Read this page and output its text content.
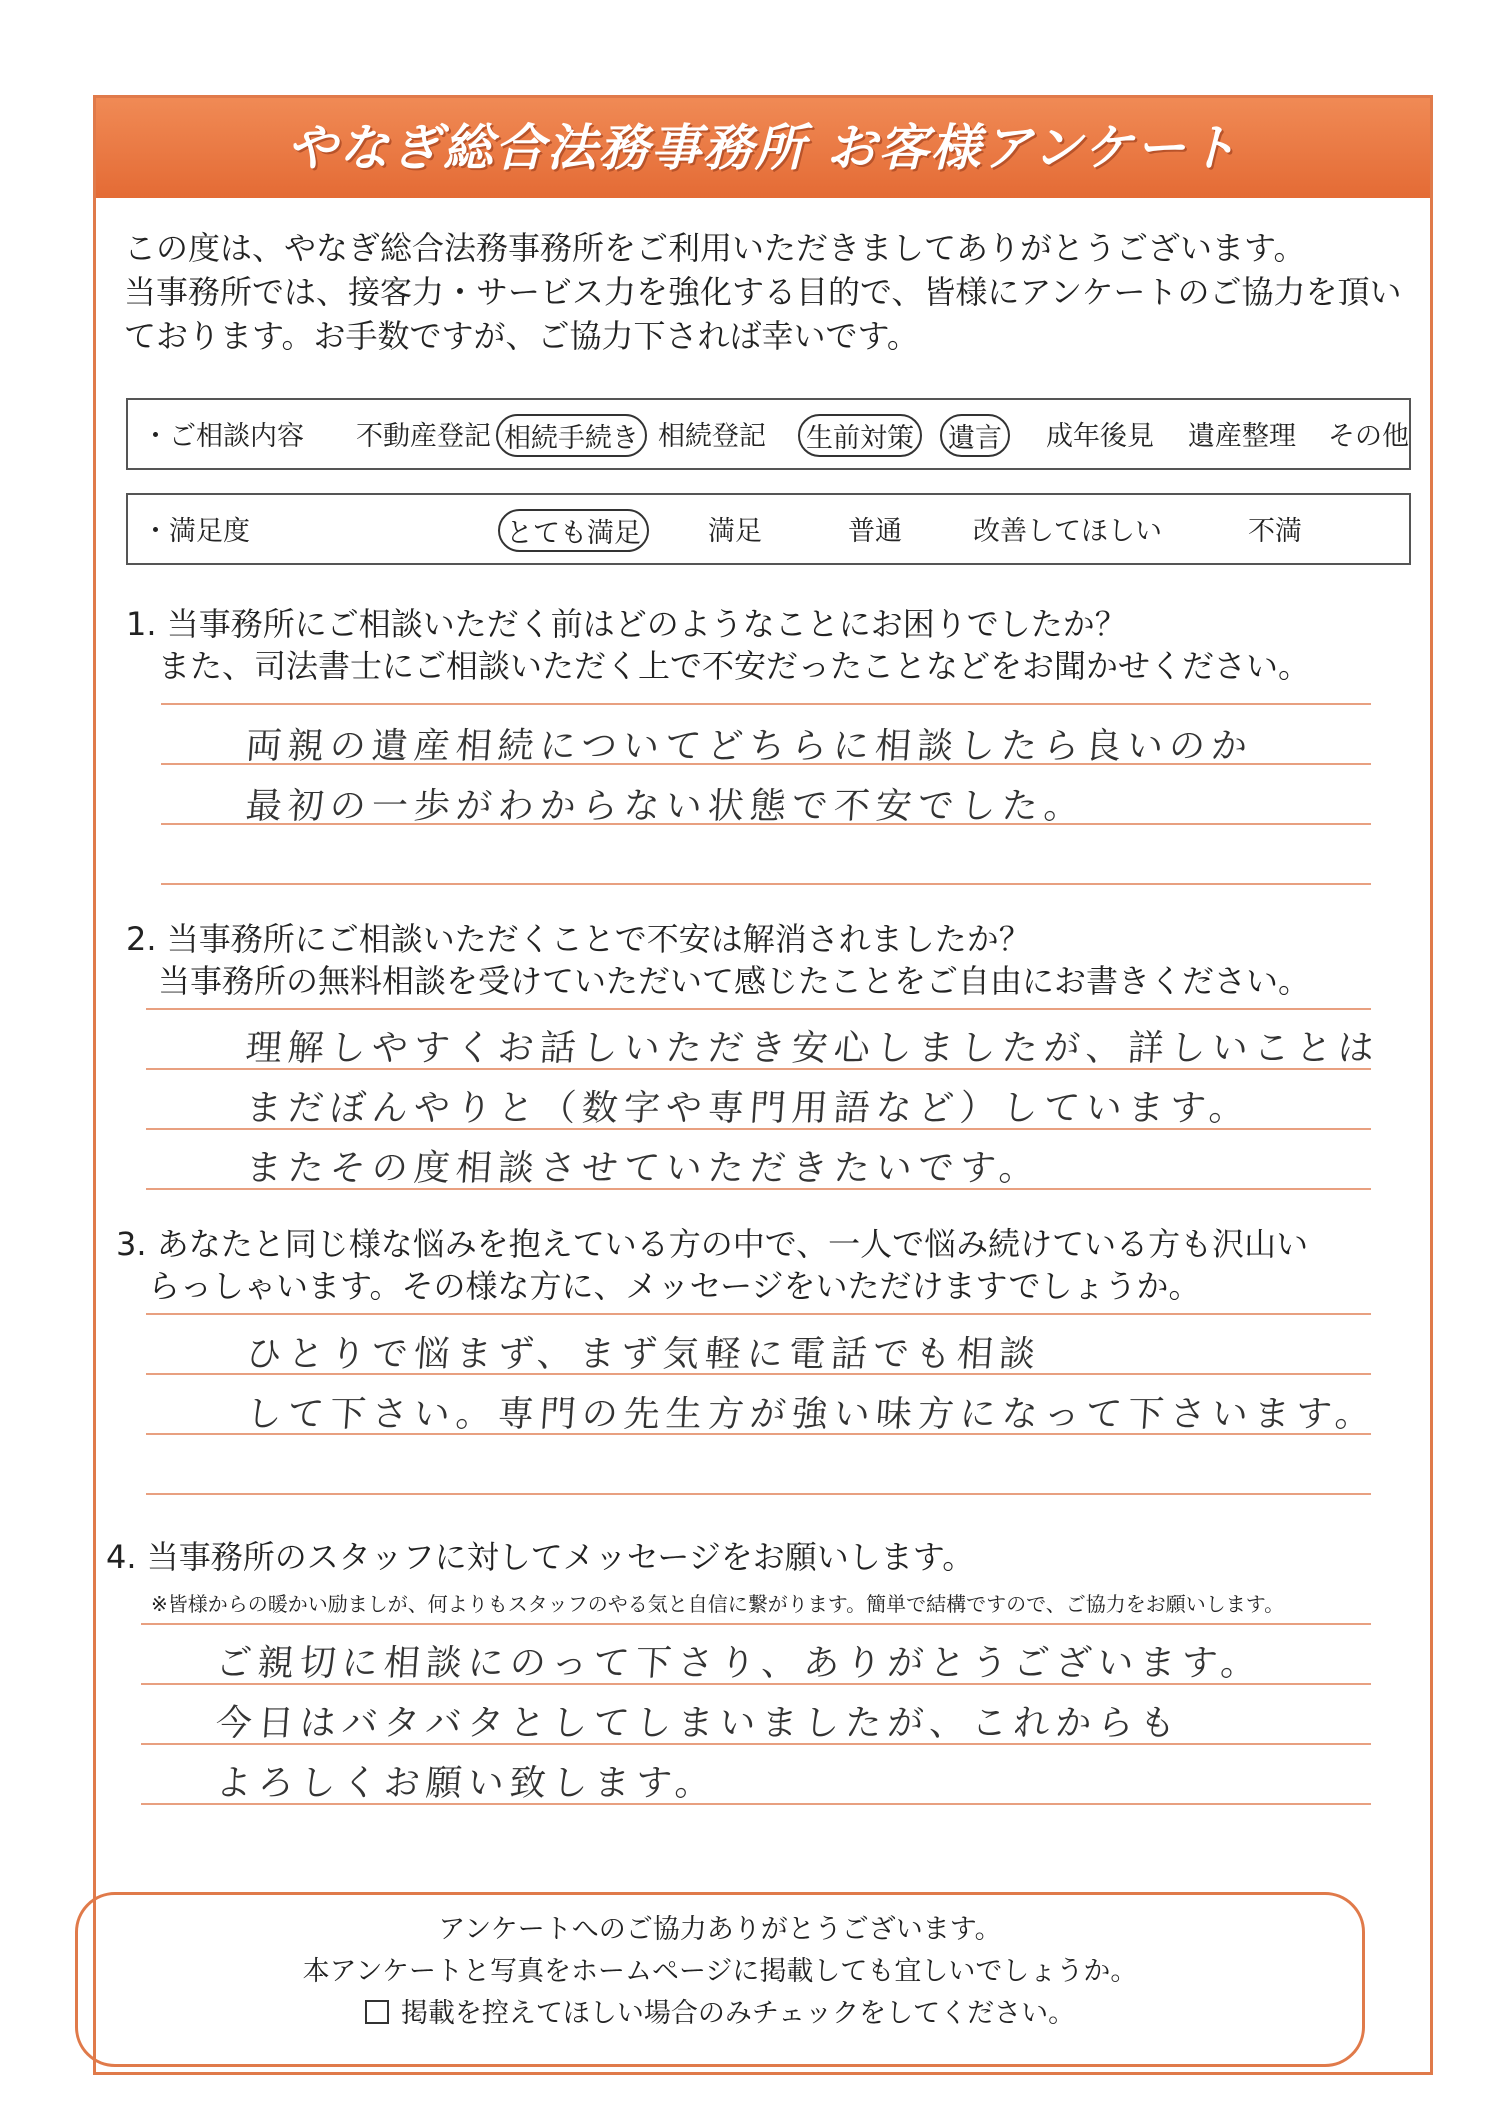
やなぎ総合法務事務所 お客様アンケート
この度は、やなぎ総合法務事務所をご利用いただきましてありがとうございます。
当事務所では、接客力・サービス力を強化する目的で、皆様にアンケートのご協力を頂い
ております。お手数ですが、ご協力下されば幸いです。
・ご相談内容 不動産登記 相続手続き 相続登記 生前対策 遺言 成年後見 遺産整理 その他
・満足度	とても満足 満足	普通	改善してほしい	不満
1. 当事務所にご相談いただく前はどのようなことにお困りでしたか？
　また、司法書士にご相談いただく上で不安だったことなどをお聞かせください。
両親の遺産相続についてどちらに相談したら良いのか
最初の一歩がわからない状態で不安でした。
2. 当事務所にご相談いただくことで不安は解消されましたか？
　当事務所の無料相談を受けていただいて感じたことをご自由にお書きください。
理解しやすくお話しいただき安心しましたが、詳しいことは
まだぼんやりと（数字や専門用語など）しています。
またその度相談させていただきたいです。
3. あなたと同じ様な悩みを抱えている方の中で、一人で悩み続けている方も沢山い
　らっしゃいます。その様な方に、メッセージをいただけますでしょうか。
ひとりで悩まず、まず気軽に電話でも相談
して下さい。専門の先生方が強い味方になって下さいます。
4. 当事務所のスタッフに対してメッセージをお願いします。
※皆様からの暖かい励ましが、何よりもスタッフのやる気と自信に繋がります。簡単で結構ですので、ご協力をお願いします。
ご親切に相談にのって下さり、ありがとうございます。
今日はバタバタとしてしまいましたが、これからも
よろしくお願い致します。
アンケートへのご協力ありがとうございます。
本アンケートと写真をホームページに掲載しても宜しいでしょうか。
掲載を控えてほしい場合のみチェックをしてください。
